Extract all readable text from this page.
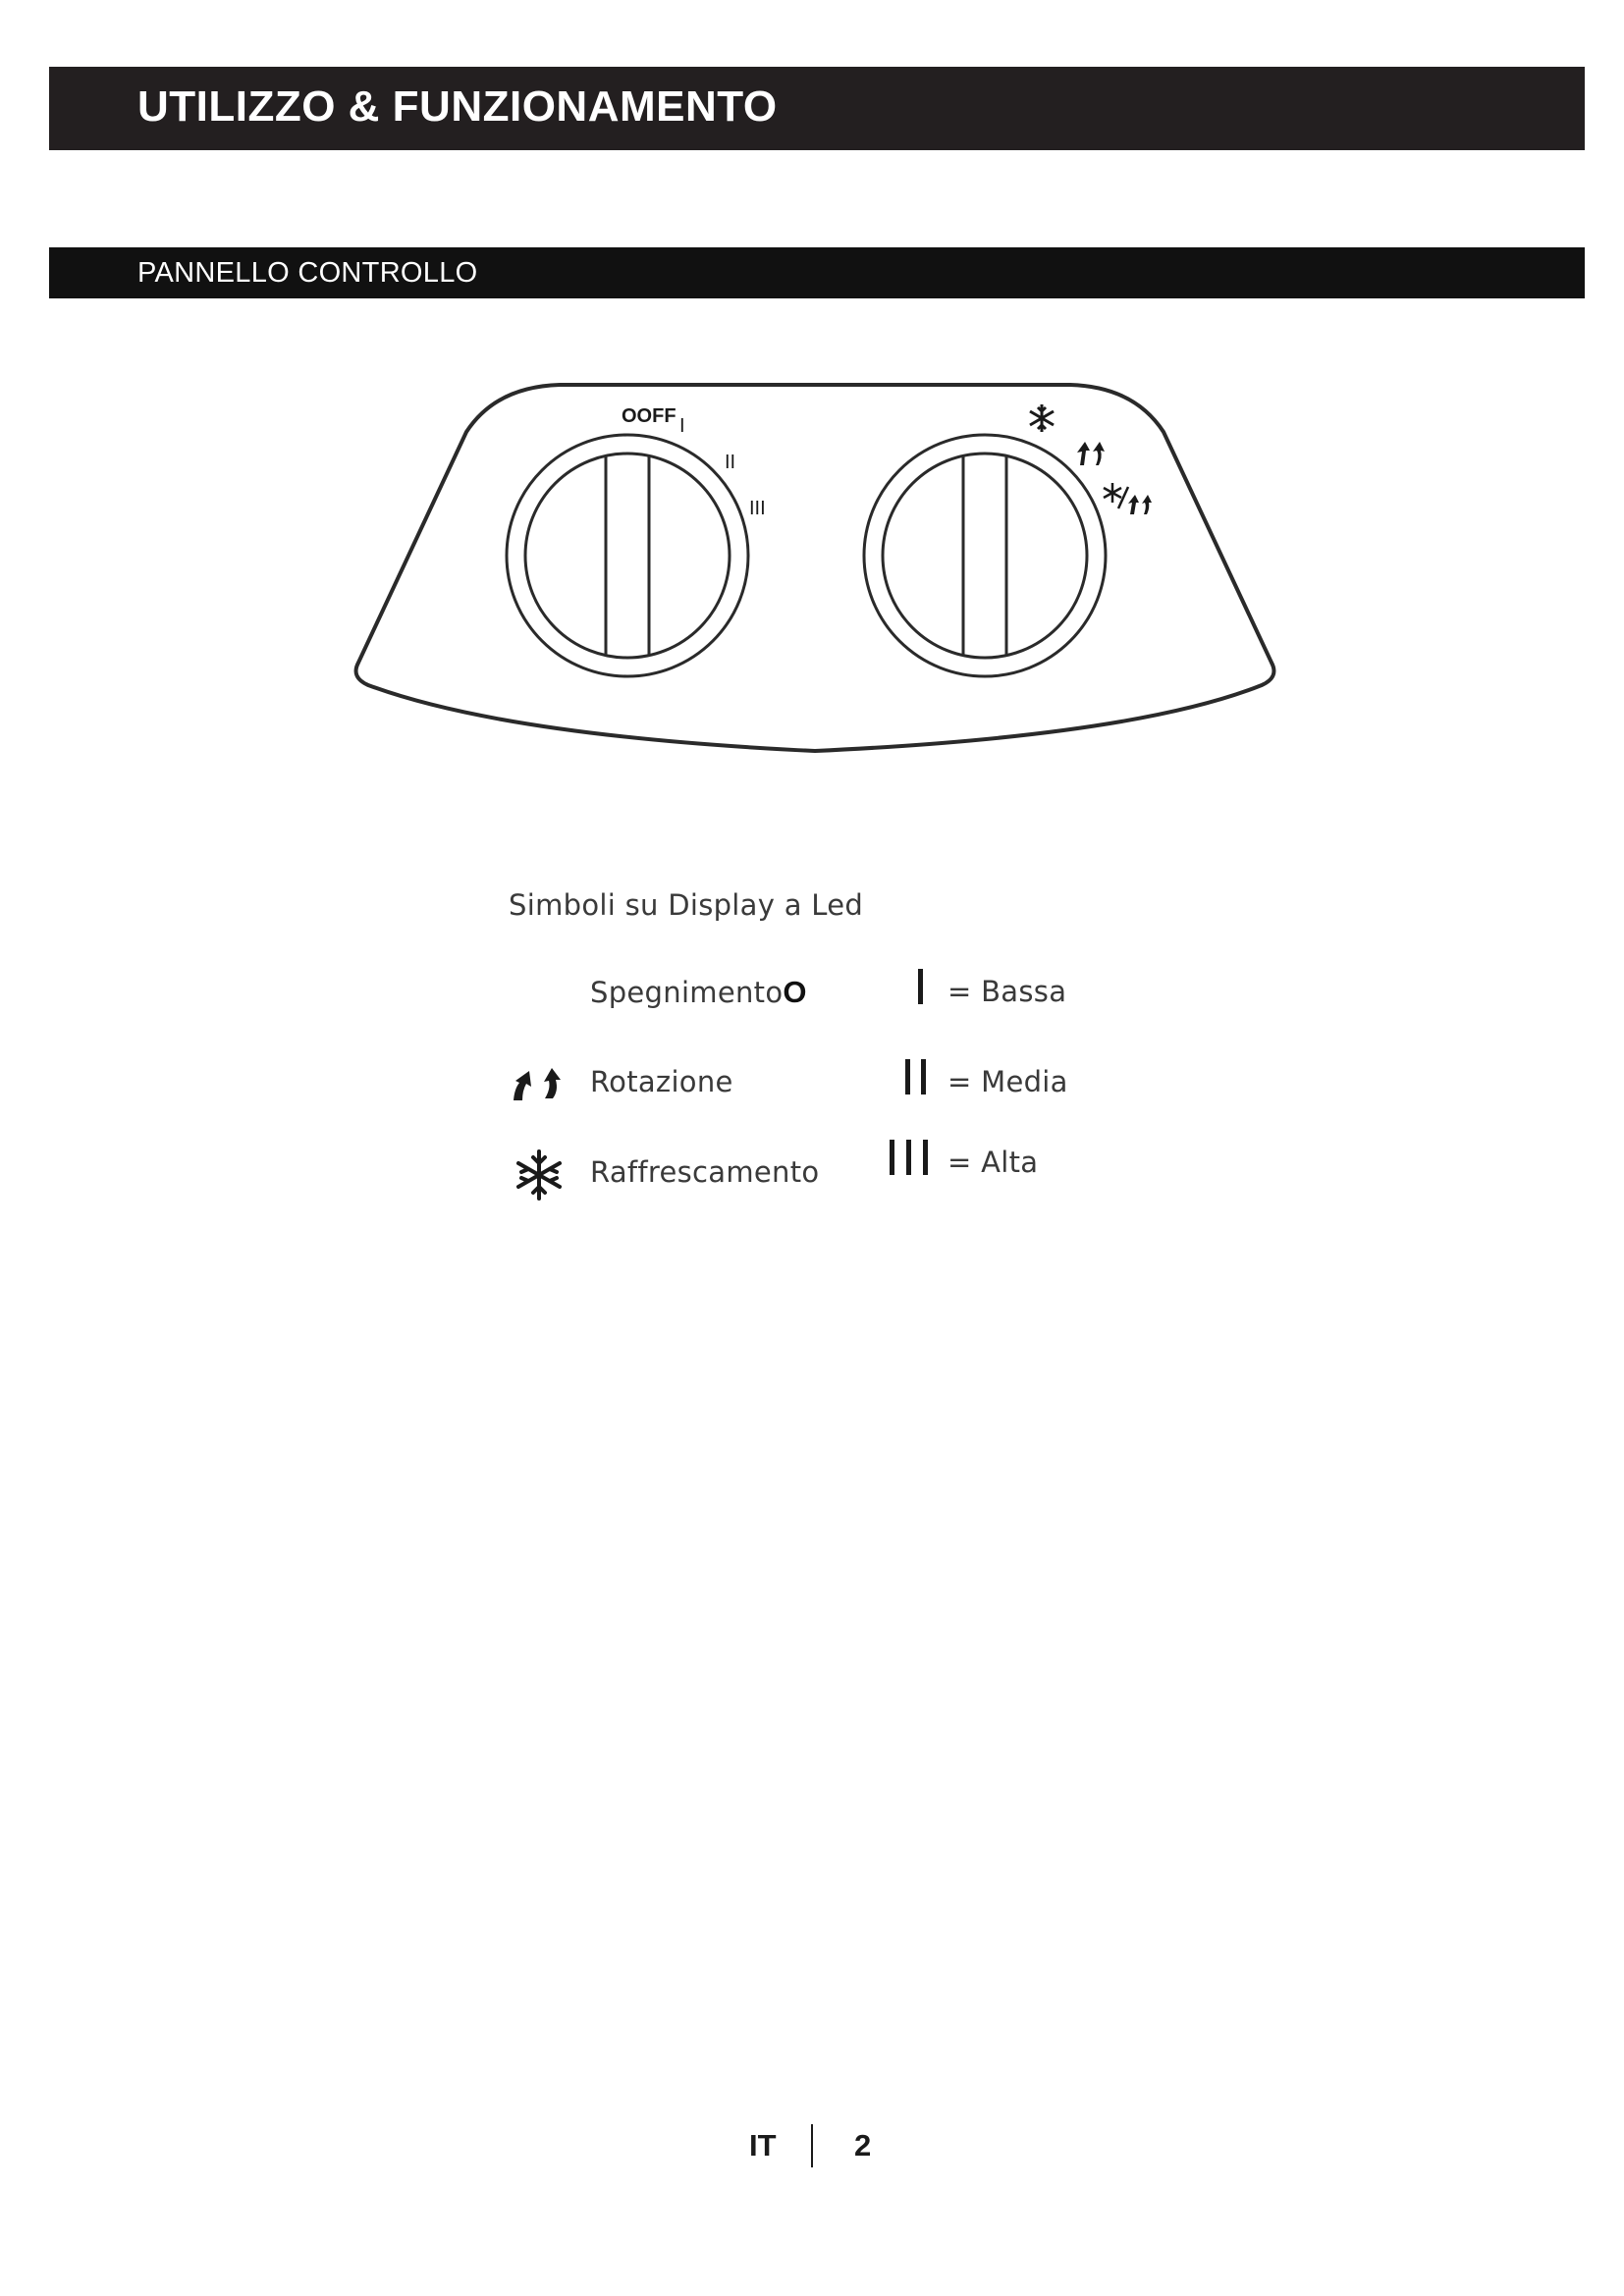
UTILIZZO & FUNZIONAMENTO
PANNELLO CONTROLLO
OOFF I
II
III
Simboli su Display a Led
SpegnimentoO	= Bassa
Rotazione	= Media
Raffrescamento	= Alta
IT	2
